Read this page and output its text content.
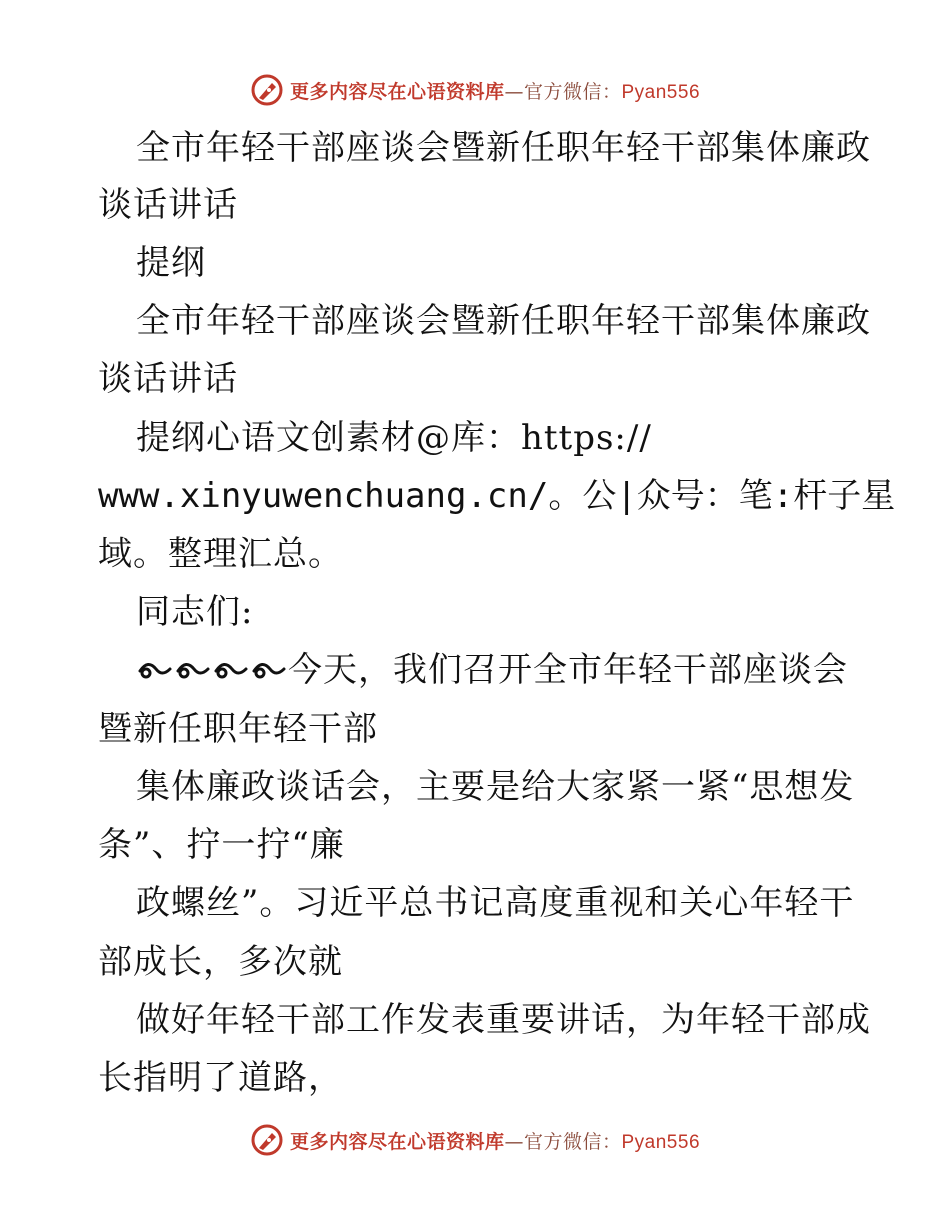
更多内容尽在心语资料库—官方微信：Pyan556
全市年轻干部座谈会暨新任职年轻干部集体廉政
谈话讲话
提纲
全市年轻干部座谈会暨新任职年轻干部集体廉政
谈话讲话
提纲心语文创素材@库：https://
www.xinyuwenchuang.cn/。公|众号：笔:杆子星
域。整理汇总。
同志们:
今天，我们召开全市年轻干部座谈会
暨新任职年轻干部
集体廉政谈话会，主要是给大家紧一紧“思想发
条”、拧一拧“廉
政螺丝”。习近平总书记高度重视和关心年轻干
部成长，多次就
做好年轻干部工作发表重要讲话，为年轻干部成
长指明了道路，
更多内容尽在心语资料库—官方微信：Pyan556
